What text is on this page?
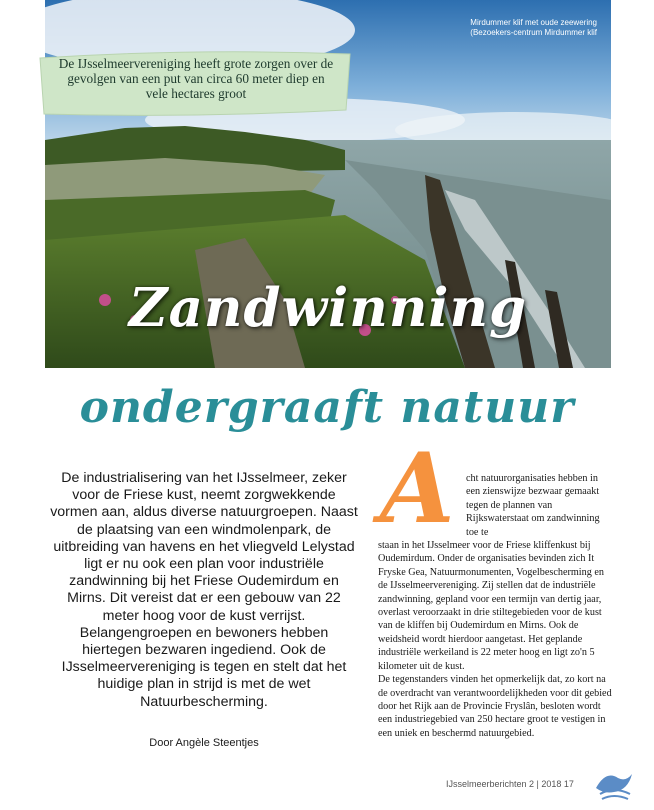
Mirdummer klif met oude zeewering (Bezoekers-centrum Mirdummer klif
De IJsselmeervereniging heeft grote zorgen over de gevolgen van een put van circa 60 meter diep en vele hectares groot
Zandwinning
ondergraaft natuur
De industrialisering van het IJsselmeer, zeker voor de Friese kust, neemt zorgwekkende vormen aan, aldus diverse natuurgroepen. Naast de plaatsing van een windmolenpark, de uitbreiding van havens en het vliegveld Lelystad ligt er nu ook een plan voor industriële zandwinning bij het Friese Oudemirdum en Mirns. Dit vereist dat er een gebouw van 22 meter hoog voor de kust verrijst. Belangengroepen en bewoners hebben hiertegen bezwaren ingediend. Ook de IJsselmeervereniging is tegen en stelt dat het huidige plan in strijd is met de wet Natuurbescherming.
Door Angèle Steentjes
A	cht natuurorganisaties hebben in een zienswijze bezwaar gemaakt tegen de plannen van Rijkswaterstaat om zandwinning toe te

staan in het IJsselmeer voor de Friese kliffenkust bij Oudemirdum. Onder de organisaties bevinden zich It Fryske Gea, Natuurmonumenten, Vogelbescherming en de IJsselmeervereniging. Zij stellen dat de industriële zandwinning, gepland voor een termijn van dertig jaar, overlast veroorzaakt in drie stiltegebieden voor de kust van de kliffen bij Oudemirdum en Mirns. Ook de weidsheid wordt hierdoor aangetast. Het geplande industriële werkeiland is 22 meter hoog en ligt zo'n 5 kilometer uit de kust.

De tegenstanders vinden het opmerkelijk dat, zo kort na de overdracht van verantwoordelijkheden voor dit gebied door het Rijk aan de Provincie Fryslân, besloten wordt een industriegebied van 250 hectare groot te vestigen in een uniek en beschermd natuurgebied.

IJsselmeerberichten 2 | 2018 17
